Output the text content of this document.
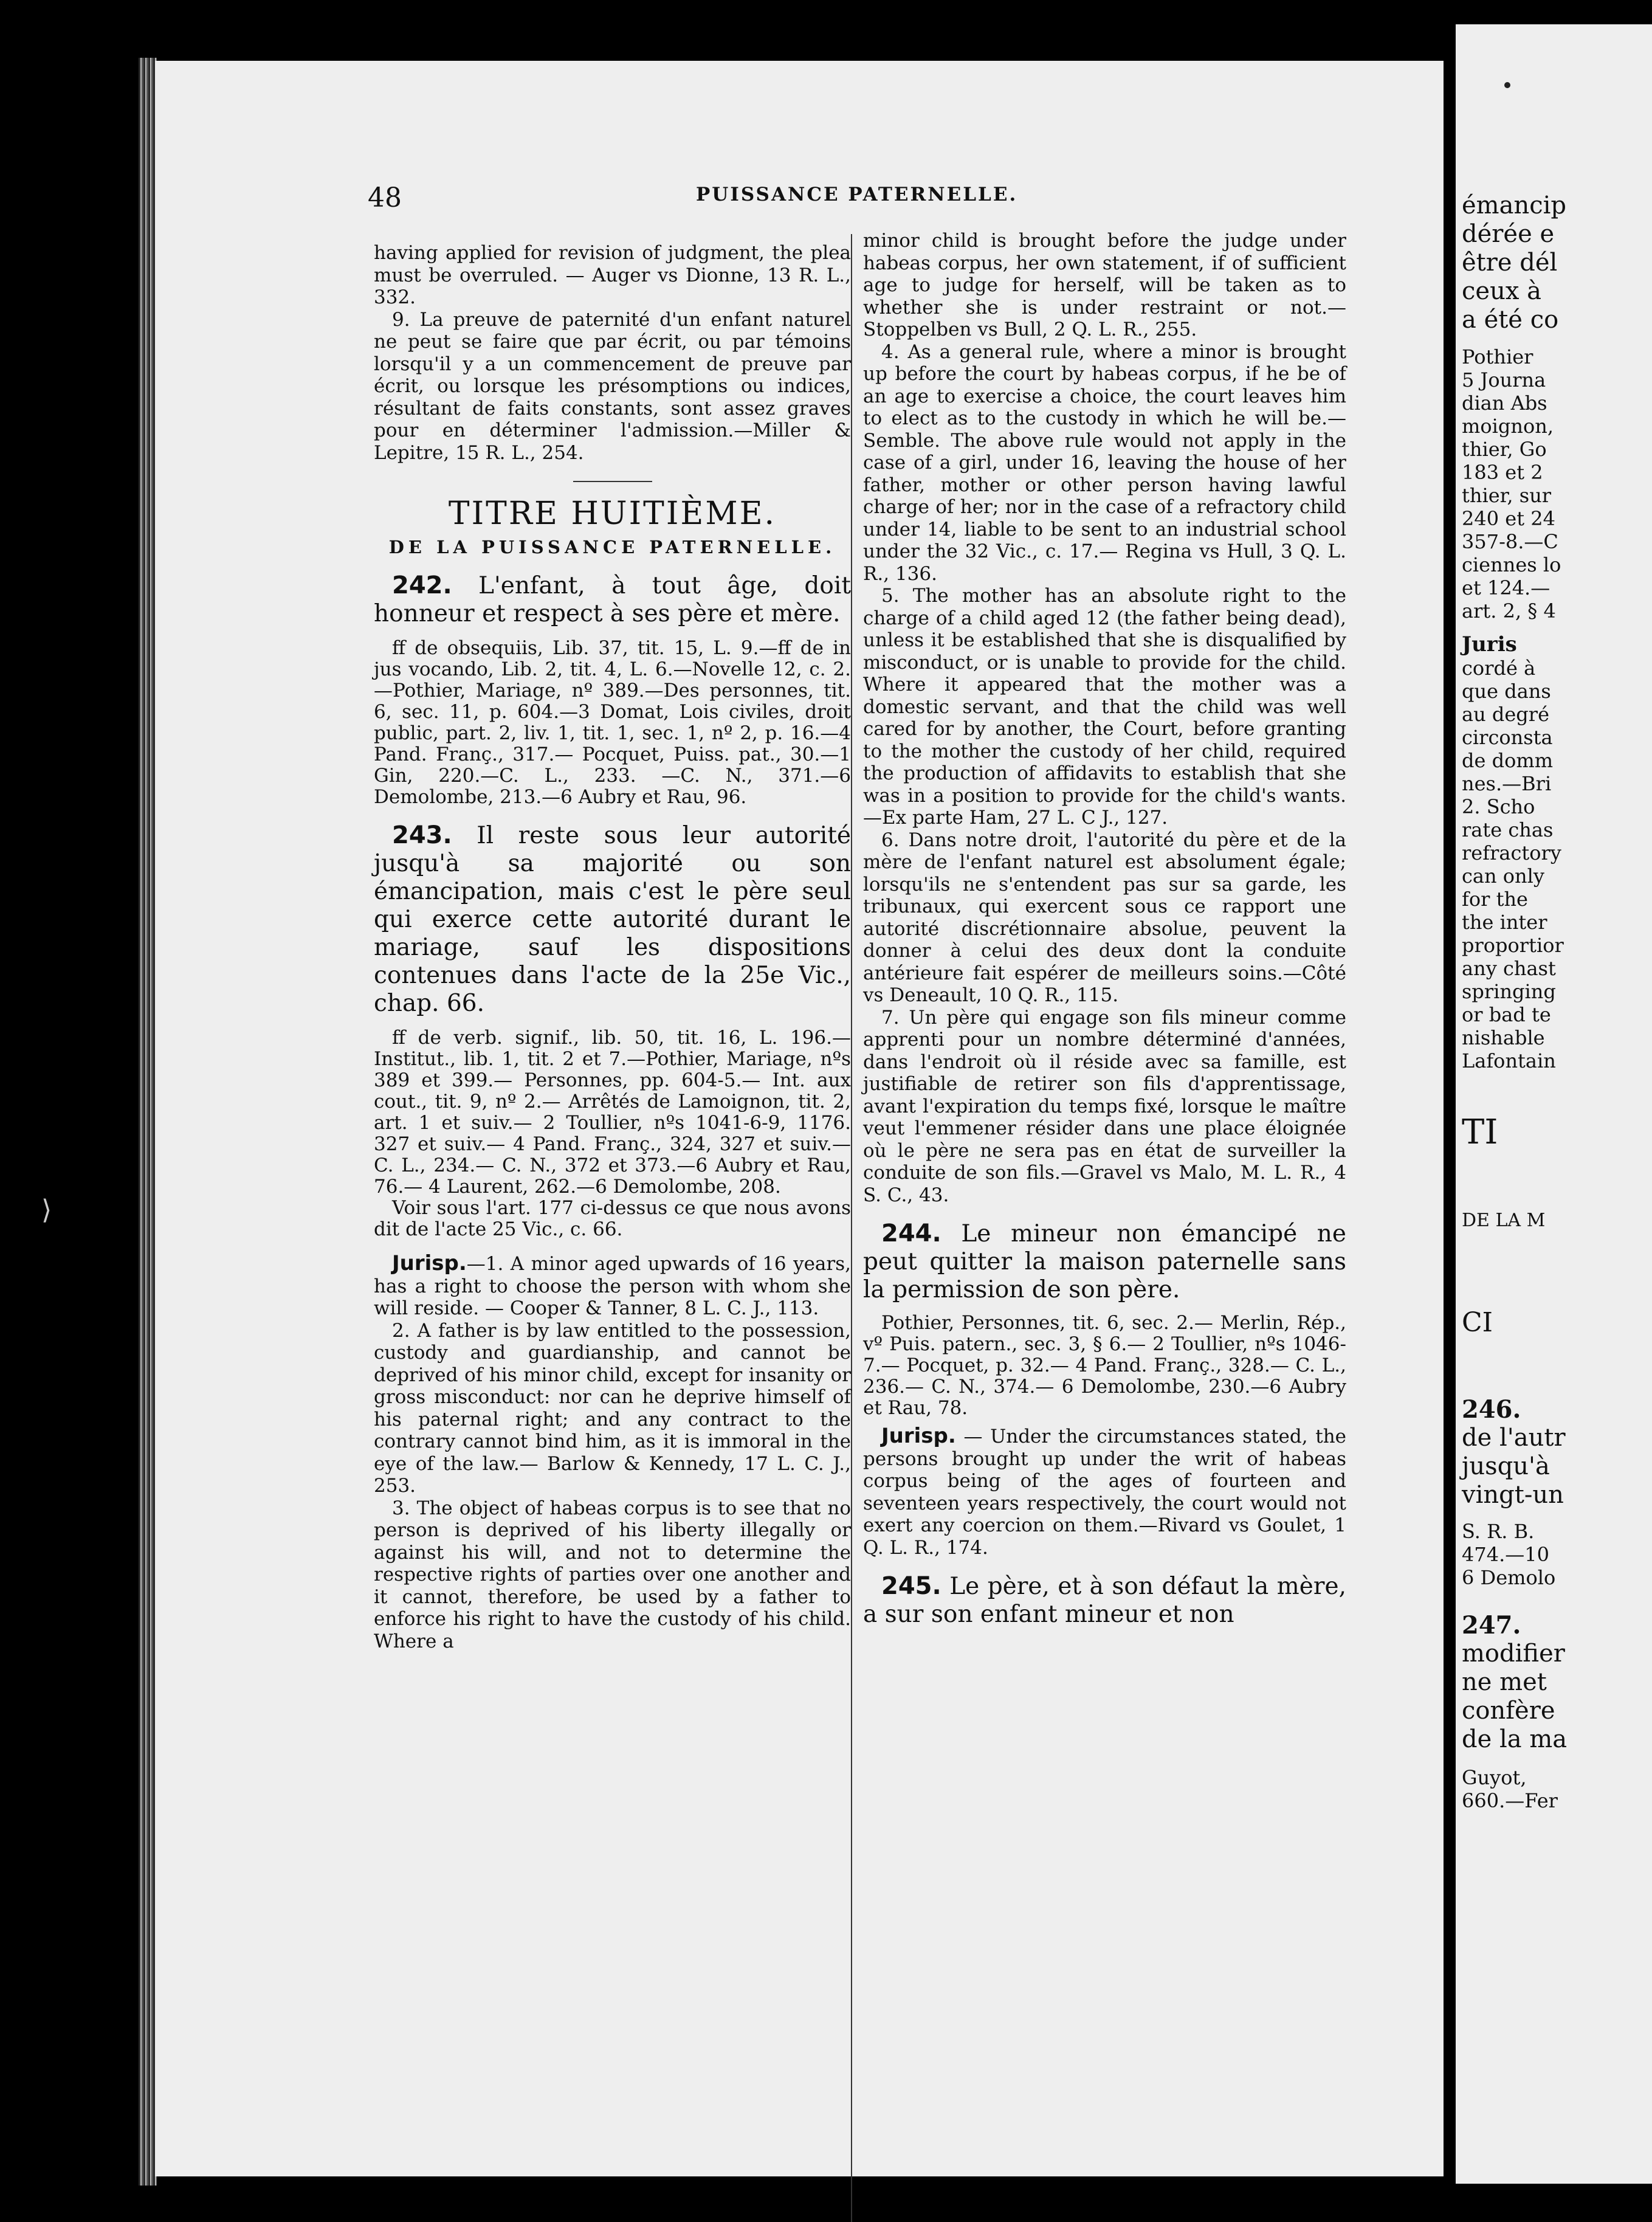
⟩
48	PUISSANCE PATERNELLE.

having applied for revision of judgment, the plea must be overruled. — Auger vs Dionne, 13 R. L., 332.

9. La preuve de paternité d'un enfant naturel ne peut se faire que par écrit, ou par témoins lorsqu'il y a un commencement de preuve par écrit, ou lorsque les présomptions ou indices, résultant de faits constants, sont assez graves pour en déterminer l'admission.—Miller & Lepitre, 15 R. L., 254.

TITRE HUITIÈME.
DE LA PUISSANCE PATERNELLE.

242. L'enfant, à tout âge, doit honneur et respect à ses père et mère.

ff de obsequiis, Lib. 37, tit. 15, L. 9.—ff de in jus vocando, Lib. 2, tit. 4, L. 6.—Novelle 12, c. 2.—Pothier, Mariage, nº 389.—Des personnes, tit. 6, sec. 11, p. 604.—3 Domat, Lois civiles, droit public, part. 2, liv. 1, tit. 1, sec. 1, nº 2, p. 16.—4 Pand. Franç., 317.— Pocquet, Puiss. pat., 30.—1 Gin, 220.—C. L., 233. —C. N., 371.—6 Demolombe, 213.—6 Aubry et Rau, 96.

243. Il reste sous leur autorité jusqu'à sa majorité ou son émancipation, mais c'est le père seul qui exerce cette autorité durant le mariage, sauf les dispositions contenues dans l'acte de la 25e Vic., chap. 66.

ff de verb. signif., lib. 50, tit. 16, L. 196.— Institut., lib. 1, tit. 2 et 7.—Pothier, Mariage, nºs 389 et 399.— Personnes, pp. 604-5.— Int. aux cout., tit. 9, nº 2.— Arrêtés de Lamoignon, tit. 2, art. 1 et suiv.— 2 Toullier, nºs 1041-6-9, 1176. 327 et suiv.— 4 Pand. Franç., 324, 327 et suiv.— C. L., 234.— C. N., 372 et 373.—6 Aubry et Rau, 76.— 4 Laurent, 262.—6 Demolombe, 208.

Voir sous l'art. 177 ci-dessus ce que nous avons dit de l'acte 25 Vic., c. 66.

Jurisp.—1. A minor aged upwards of 16 years, has a right to choose the person with whom she will reside. — Cooper & Tanner, 8 L. C. J., 113.

2. A father is by law entitled to the possession, custody and guardianship, and cannot be deprived of his minor child, except for insanity or gross misconduct: nor can he deprive himself of his paternal right; and any contract to the contrary cannot bind him, as it is immoral in the eye of the law.— Barlow & Kennedy, 17 L. C. J., 253.

3. The object of habeas corpus is to see that no person is deprived of his liberty illegally or against his will, and not to determine the respective rights of parties over one another and it cannot, therefore, be used by a father to enforce his right to have the custody of his child. Where a

minor child is brought before the judge under habeas corpus, her own statement, if of sufficient age to judge for herself, will be taken as to whether she is under restraint or not.—Stoppelben vs Bull, 2 Q. L. R., 255.

4. As a general rule, where a minor is brought up before the court by habeas corpus, if he be of an age to exercise a choice, the court leaves him to elect as to the custody in which he will be.— Semble. The above rule would not apply in the case of a girl, under 16, leaving the house of her father, mother or other person having lawful charge of her; nor in the case of a refractory child under 14, liable to be sent to an industrial school under the 32 Vic., c. 17.— Regina vs Hull, 3 Q. L. R., 136.

5. The mother has an absolute right to the charge of a child aged 12 (the father being dead), unless it be established that she is disqualified by misconduct, or is unable to provide for the child. Where it appeared that the mother was a domestic servant, and that the child was well cared for by another, the Court, before granting to the mother the custody of her child, required the production of affidavits to establish that she was in a position to provide for the child's wants.—Ex parte Ham, 27 L. C J., 127.

6. Dans notre droit, l'autorité du père et de la mère de l'enfant naturel est absolument égale; lorsqu'ils ne s'entendent pas sur sa garde, les tribunaux, qui exercent sous ce rapport une autorité discrétionnaire absolue, peuvent la donner à celui des deux dont la conduite antérieure fait espérer de meilleurs soins.—Côté vs Deneault, 10 Q. R., 115.

7. Un père qui engage son fils mineur comme apprenti pour un nombre déterminé d'années, dans l'endroit où il réside avec sa famille, est justifiable de retirer son fils d'apprentissage, avant l'expiration du temps fixé, lorsque le maître veut l'emmener résider dans une place éloignée où le père ne sera pas en état de surveiller la conduite de son fils.—Gravel vs Malo, M. L. R., 4 S. C., 43.

244. Le mineur non émancipé ne peut quitter la maison paternelle sans la permission de son père.

Pothier, Personnes, tit. 6, sec. 2.— Merlin, Rép., vº Puis. patern., sec. 3, § 6.— 2 Toullier, nºs 1046-7.— Pocquet, p. 32.— 4 Pand. Franç., 328.— C. L., 236.— C. N., 374.— 6 Demolombe, 230.—6 Aubry et Rau, 78.

Jurisp. — Under the circumstances stated, the persons brought up under the writ of habeas corpus being of the ages of fourteen and seventeen years respectively, the court would not exert any coercion on them.—Rivard vs Goulet, 1 Q. L. R., 174.

245. Le père, et à son défaut la mère, a sur son enfant mineur et non

émancip
dérée e
être dél
ceux à
a été co
Pothier
5 Journa
dian Abs
moignon,
thier, Go
183 et 2
thier, sur
240 et 24
357-8.—C
ciennes lo
et 124.—
art. 2, § 4
Juris
cordé à
que dans
au degré
circonsta
de domm
nes.—Bri
2. Scho
rate chas
refractory
can only
for the
the inter
proportior
any chast
springing
or bad te
nishable
Lafontain
TI
DE LA M
CI
246.
de l'autr
jusqu'à
vingt-un
S. R. B.
474.—10
6 Demolo
247.
modifier
ne met
confère
de la ma
Guyot,
660.—Fer
